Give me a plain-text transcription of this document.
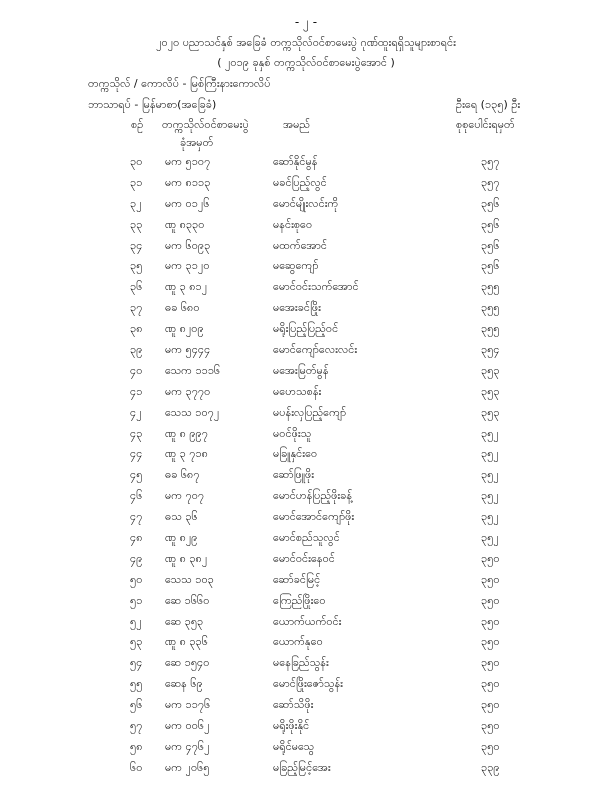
- ၂ -
၂၀၂၀ ပညာသင်နှစ် အခြေခံ တက္ကသိုလ်ဝင်စာမေးပွဲ ဂုဏ်ထူးရရှိသူများစာရင်း
( ၂၀၁၉ ခုနှစ် တက္ကသိုလ်ဝင်စာမေးပွဲအောင် )
တက္ကသိုလ် / ကောလိပ် - မြစ်ကြီးနားကောလိပ်
ဘာသာရပ် - မြန်မာစာ(အခြေခံ)	ဦးရေ (၁၃၅) ဦး
စဉ် တက္ကသိုလ်ဝင်စာမေးပွဲ
ခုံအမှတ်
အမည်	စုစုပေါင်းရမှတ်
၃၀ မက ၅၁၀၇	ဆော်နိုင်မွန်	၃၅၇
၃၁ မက ၈၁၁၃	မခင်ပြည့်လွင်	၃၅၇
၃၂ မက ၀၁၂၆	မောင်မျိုးလင်းကို	၃၅၆
၃၃ ဏူ ၈၃၃၀	မနင်းစုဝေ	၃၅၆
၃၄ မက ၆၀၉၃	မထက်အောင်	၃၅၆
၃၅ မက ၃၁၂၀	မဆွေကျော်	၃၅၆
၃၆ ဏူ ၃ ၈၁၂	မောင်ဝင်းသက်အောင်	၃၅၅
၃၇ ဓခ ၆၈၀	မအေးခင်ဖြိုး	၃၅၅
၃၈ ဏူ ၈၂၀၉	မရိုးပြည့်ပြည့်ဝင်	၃၅၅
၃၉ မက ၅၄၄၄	မောင်ကျော်လေးလင်း	၃၅၄
၄၀ သေက ၁၁၁၆	မအေးမြတ်မွန်	၃၅၃
၄၁ မက ၃၇၇၀	မဟေသစန်း	၃၅၃
၄၂ သေသ ၁၀၇၂	မပန်းလှပြည့်ကျော်	၃၅၃
၄၃ ဏူ ၈ ၉၉၇	မဝင်ဖိုးသူ	၃၅၂
၄၄ ဏူ ၃ ၇၁၈	မခြူနှင်းဝေ	၃၅၂
၄၅ ဓခ ၆၈၇	ဆော်ဖြူဖိုး	၃၅၂
၄၆ မက ၇၀၇	မောင်ဟန်ပြည့်ဖိုးခန့်	၃၅၂
၄၇ ဓသ ၃၆	မောင်အောင်ကျော်ဖိုး	၃၅၂
၄၈ ဏူ ၈၂၉	မောင်စည်သူလွင်	၃၅၂
၄၉ ဏူ ၈ ၃၈၂	မောင်ဝင်းနေဝင်	၃၅၀
၅၀ သေသ ၁၀၃	ဆော်ခင်မြင့်	၃၅၀
၅၁ ဆေ ၁၆၆၀	ကြေည်ဖြိုးဝေ	၃၅၀
၅၂ ဆေ ၃၅၃	ယောက်ယက်ဝင်း	၃၅၀
၅၃ ဏူ ၈ ၃၃၆	ယောက်နုဝေ	၃၅၀
၅၄ ဆေ ၁၅၄၀	မနေခြည်သွန်း	၃၅၀
၅၅ ဆေန ၆၉	မောင်ဖြိုးဇော်သွန်း	၃၅၀
၅၆ မက ၁၁၇၆	ဆော်သိဖိုး	၃၅၀
၅၇ မက ၀၀၆၂	မရိုးဖိုးနိုင်	၃၅၀
၅၈ မက ၄၇၆၂	မရိုင်မသွေ	၃၅၀
၆၀ မက ၂၀၆၅	မခြည့်မြင့်အေး	၃၃၉
